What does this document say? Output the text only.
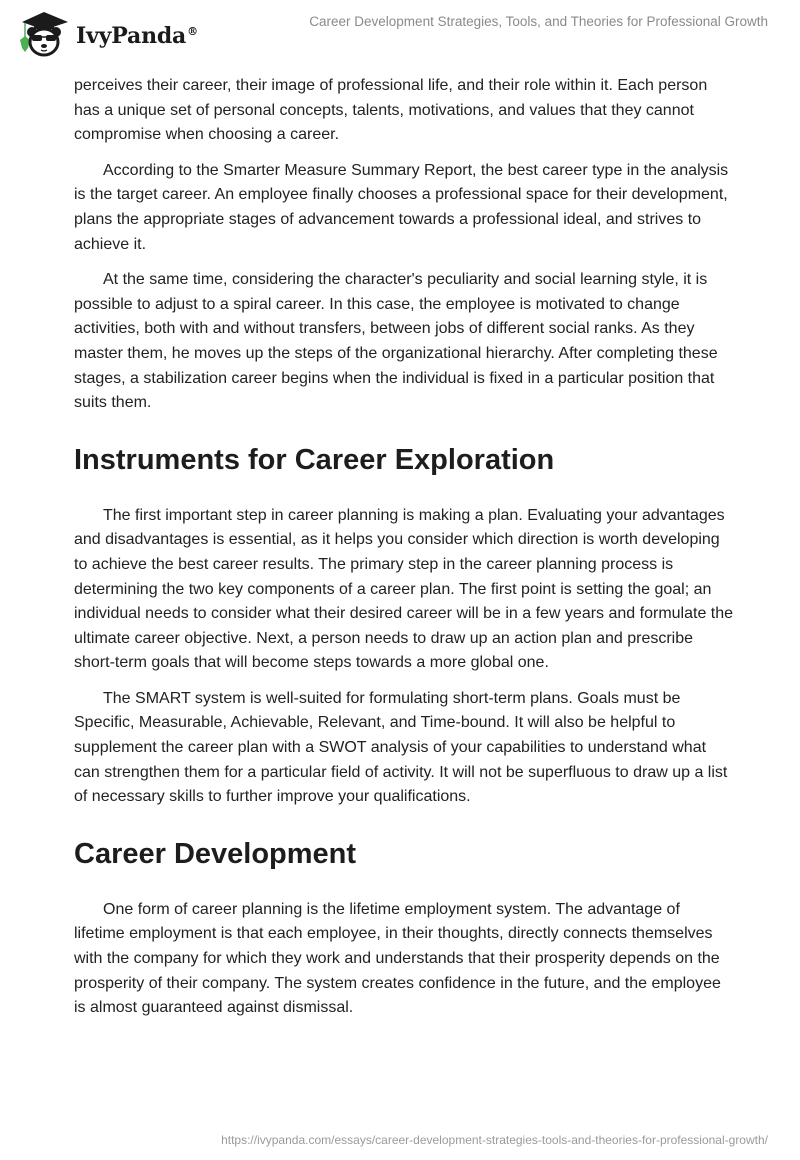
IvyPanda®
Career Development Strategies, Tools, and Theories for Professional Growth

perceives their career, their image of professional life, and their role within it. Each person has a unique set of personal concepts, talents, motivations, and values that they cannot compromise when choosing a career.

According to the Smarter Measure Summary Report, the best career type in the analysis is the target career. An employee finally chooses a professional space for their development, plans the appropriate stages of advancement towards a professional ideal, and strives to achieve it.

At the same time, considering the character's peculiarity and social learning style, it is possible to adjust to a spiral career. In this case, the employee is motivated to change activities, both with and without transfers, between jobs of different social ranks. As they master them, he moves up the steps of the organizational hierarchy. After completing these stages, a stabilization career begins when the individual is fixed in a particular position that suits them.

Instruments for Career Exploration

The first important step in career planning is making a plan. Evaluating your advantages and disadvantages is essential, as it helps you consider which direction is worth developing to achieve the best career results. The primary step in the career planning process is determining the two key components of a career plan. The first point is setting the goal; an individual needs to consider what their desired career will be in a few years and formulate the ultimate career objective. Next, a person needs to draw up an action plan and prescribe short-term goals that will become steps towards a more global one.

The SMART system is well-suited for formulating short-term plans. Goals must be Specific, Measurable, Achievable, Relevant, and Time-bound. It will also be helpful to supplement the career plan with a SWOT analysis of your capabilities to understand what can strengthen them for a particular field of activity. It will not be superfluous to draw up a list of necessary skills to further improve your qualifications.

Career Development

One form of career planning is the lifetime employment system. The advantage of lifetime employment is that each employee, in their thoughts, directly connects themselves with the company for which they work and understands that their prosperity depends on the prosperity of their company. The system creates confidence in the future, and the employee is almost guaranteed against dismissal.

https://ivypanda.com/essays/career-development-strategies-tools-and-theories-for-professional-growth/
